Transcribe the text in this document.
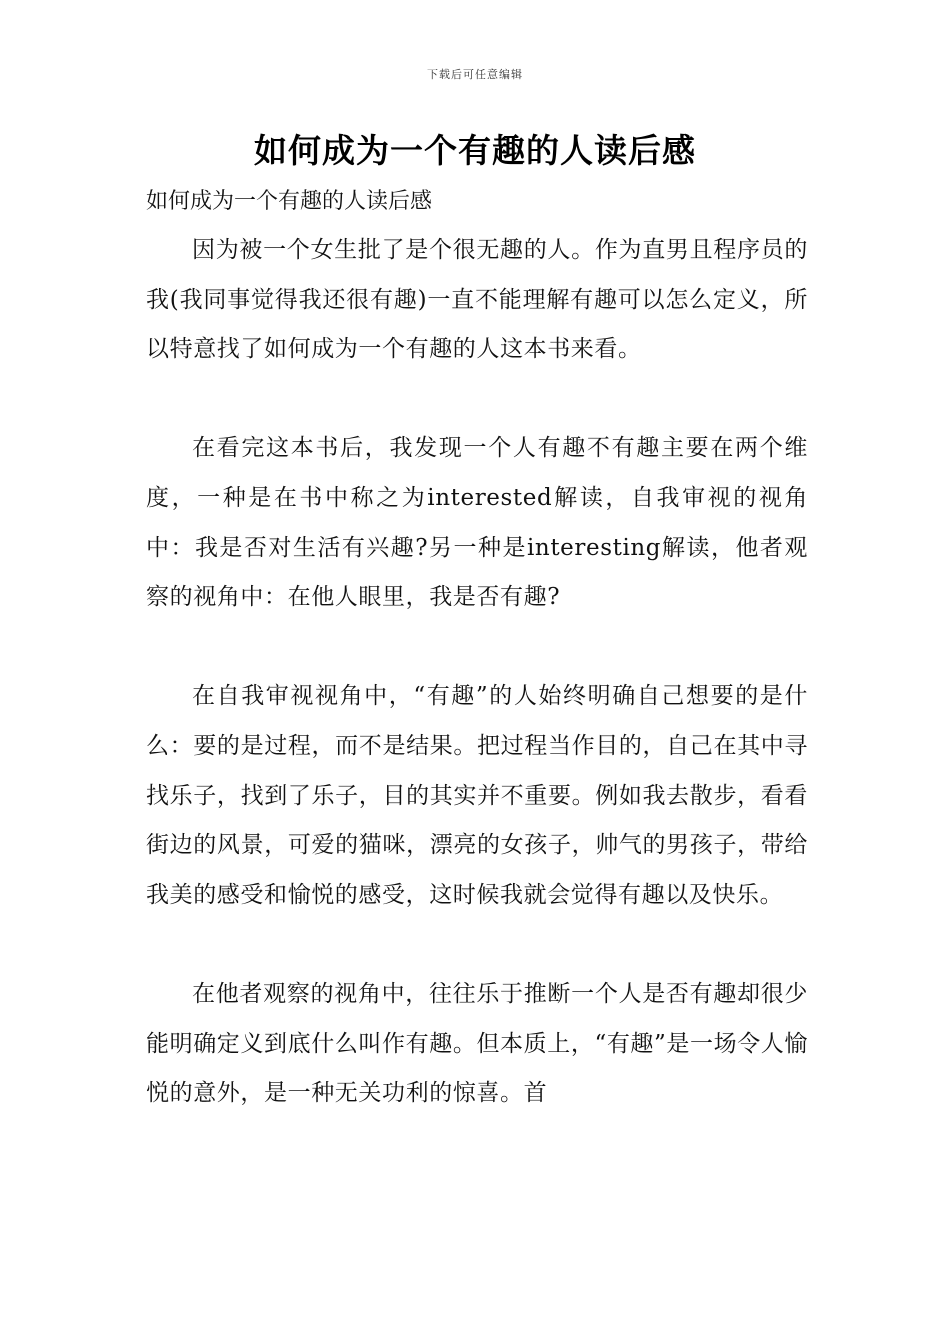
下载后可任意编辑
如何成为一个有趣的人读后感
如何成为一个有趣的人读后感

因为被一个女生批了是个很无趣的人。作为直男且程序员的我(我同事觉得我还很有趣)一直不能理解有趣可以怎么定义，所以特意找了如何成为一个有趣的人这本书来看。

在看完这本书后，我发现一个人有趣不有趣主要在两个维度，一种是在书中称之为interested解读，自我审视的视角中：我是否对生活有兴趣?另一种是interesting解读，他者观察的视角中：在他人眼里，我是否有趣?

在自我审视视角中，“有趣”的人始终明确自己想要的是什么：要的是过程，而不是结果。把过程当作目的，自己在其中寻找乐子，找到了乐子，目的其实并不重要。例如我去散步，看看街边的风景，可爱的猫咪，漂亮的女孩子，帅气的男孩子，带给我美的感受和愉悦的感受，这时候我就会觉得有趣以及快乐。

在他者观察的视角中，往往乐于推断一个人是否有趣却很少能明确定义到底什么叫作有趣。但本质上，“有趣”是一场令人愉悦的意外，是一种无关功利的惊喜。首
